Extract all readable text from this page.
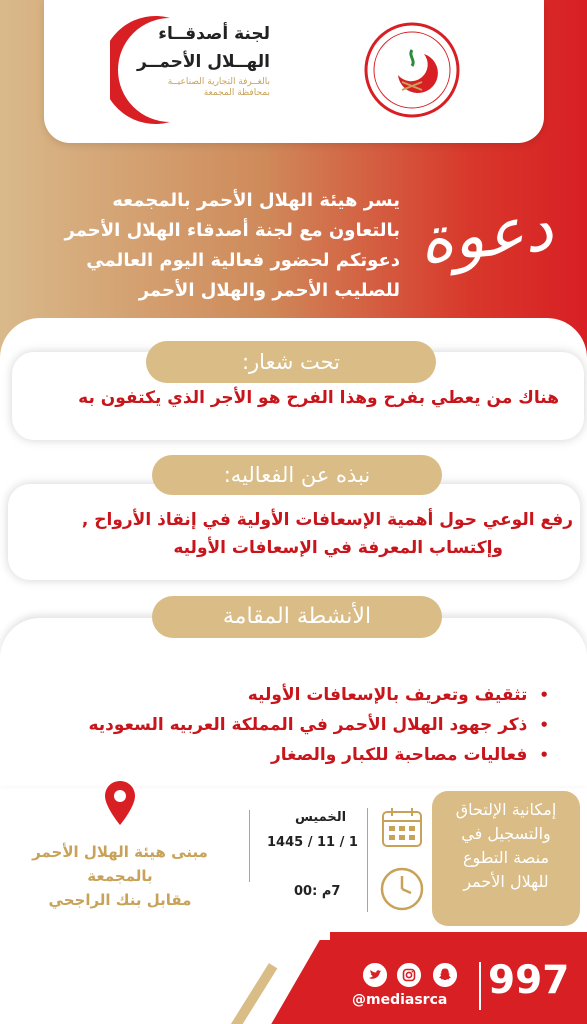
لجنة أصدقــاء
الهــلال الأحمــر
بالغــرفة التجارية الصناعيــة
بمحافظة المجمعة
دعوة
يسر هيئة الهلال الأحمر بالمجمعه
بالتعاون مع لجنة أصدقاء الهلال الأحمر
دعوتكم لحضور فعالية اليوم العالمي
للصليب الأحمر والهلال الأحمر
تحت شعار:
هناك من يعطي بفرح وهذا الفرح هو الأجر الذي يكتفون به
نبذه عن الفعاليه:
رفع الوعي حول أهمية الإسعافات الأولية في إنقاذ الأرواح ,
وإكتساب المعرفة في الإسعافات الأوليه
الأنشطة المقامة
• تثقيف وتعريف بالإسعافات الأوليه
• ذكر جهود الهلال الأحمر في المملكة العربيه السعوديه
• فعاليات مصاحبة للكبار والصغار
مبنى هيئة الهلال الأحمر
بالمجمعة
مقابل بنك الراجحي
الخميس
1445 / 11 / 1
7م :00
إمكانية الإلتحاق
والتسجيل في
منصة التطوع
للهلال الأحمر
@mediasrca 997
